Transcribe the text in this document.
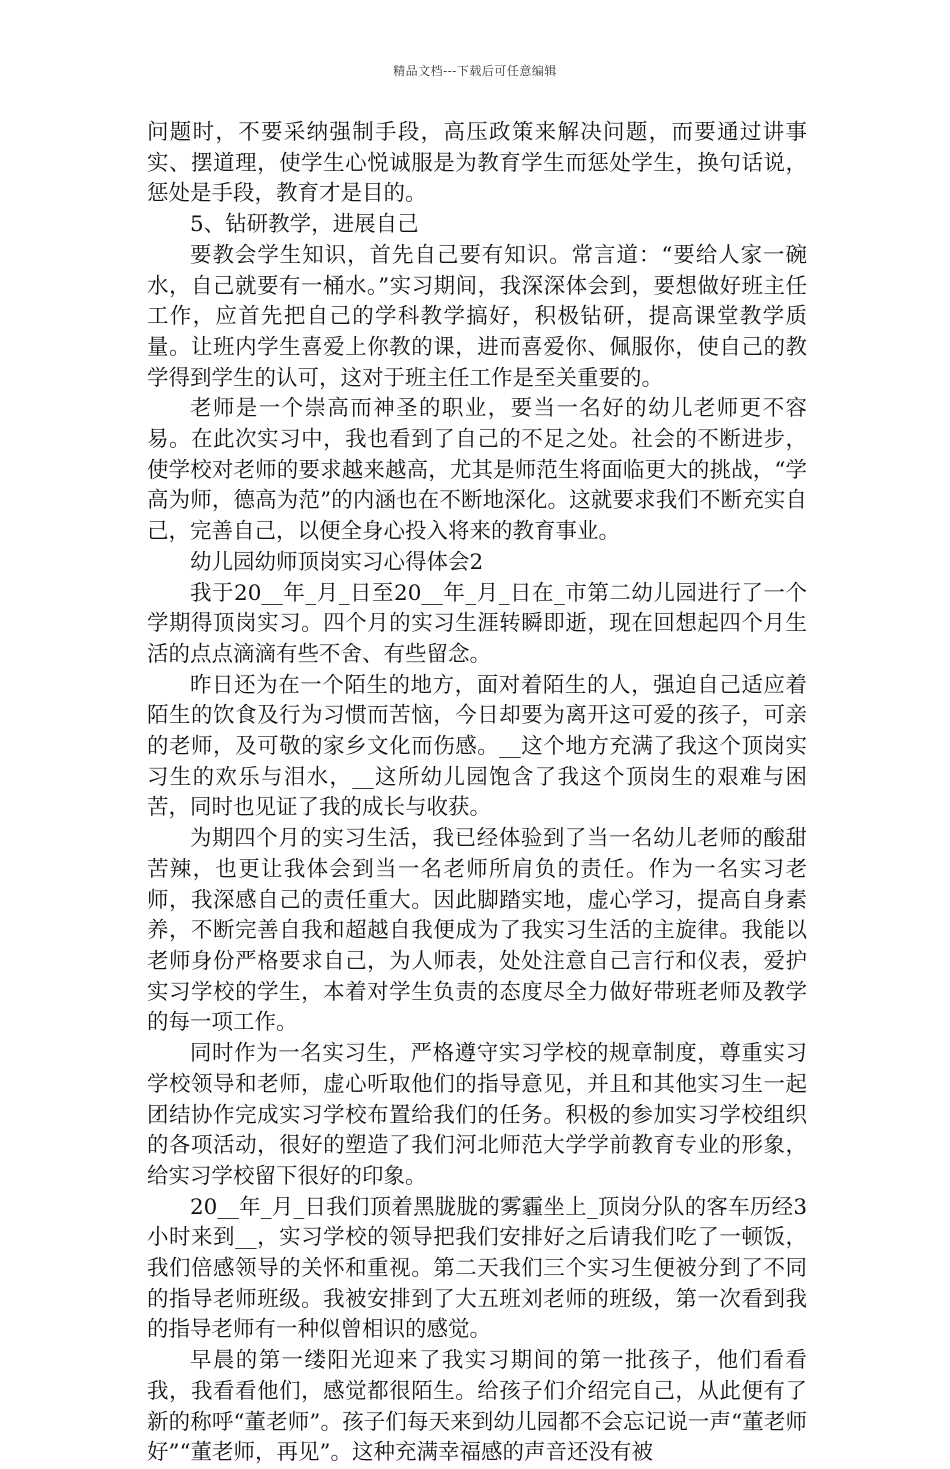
精品文档---下载后可任意编辑

问题时，不要采纳强制手段，高压政策来解决问题，而要通过讲事实、摆道理，使学生心悦诚服是为教育学生而惩处学生，换句话说，惩处是手段，教育才是目的。

5、钻研教学，进展自己

要教会学生知识，首先自己要有知识。常言道：“要给人家一碗水，自己就要有一桶水。”实习期间，我深深体会到，要想做好班主任工作，应首先把自己的学科教学搞好，积极钻研，提高课堂教学质量。让班内学生喜爱上你教的课，进而喜爱你、佩服你，使自己的教学得到学生的认可，这对于班主任工作是至关重要的。

老师是一个崇高而神圣的职业，要当一名好的幼儿老师更不容易。在此次实习中，我也看到了自己的不足之处。社会的不断进步，使学校对老师的要求越来越高，尤其是师范生将面临更大的挑战，“学高为师，德高为范”的内涵也在不断地深化。这就要求我们不断充实自己，完善自己，以便全身心投入将来的教育事业。

幼儿园幼师顶岗实习心得体会2

我于20__年_月_日至20__年_月_日在_市第二幼儿园进行了一个学期得顶岗实习。四个月的实习生涯转瞬即逝，现在回想起四个月生活的点点滴滴有些不舍、有些留念。

昨日还为在一个陌生的地方，面对着陌生的人，强迫自己适应着陌生的饮食及行为习惯而苦恼，今日却要为离开这可爱的孩子，可亲的老师，及可敬的家乡文化而伤感。__这个地方充满了我这个顶岗实习生的欢乐与泪水，__这所幼儿园饱含了我这个顶岗生的艰难与困苦，同时也见证了我的成长与收获。

为期四个月的实习生活，我已经体验到了当一名幼儿老师的酸甜苦辣，也更让我体会到当一名老师所肩负的责任。作为一名实习老师，我深感自己的责任重大。因此脚踏实地，虚心学习，提高自身素养，不断完善自我和超越自我便成为了我实习生活的主旋律。我能以老师身份严格要求自己，为人师表，处处注意自己言行和仪表，爱护实习学校的学生，本着对学生负责的态度尽全力做好带班老师及教学的每一项工作。

同时作为一名实习生，严格遵守实习学校的规章制度，尊重实习学校领导和老师，虚心听取他们的指导意见，并且和其他实习生一起团结协作完成实习学校布置给我们的任务。积极的参加实习学校组织的各项活动，很好的塑造了我们河北师范大学学前教育专业的形象，给实习学校留下很好的印象。

20__年_月_日我们顶着黑胧胧的雾霾坐上_顶岗分队的客车历经3小时来到__，实习学校的领导把我们安排好之后请我们吃了一顿饭，我们倍感领导的关怀和重视。第二天我们三个实习生便被分到了不同的指导老师班级。我被安排到了大五班刘老师的班级，第一次看到我的指导老师有一种似曾相识的感觉。

早晨的第一缕阳光迎来了我实习期间的第一批孩子，他们看看我，我看看他们，感觉都很陌生。给孩子们介绍完自己，从此便有了新的称呼“董老师”。孩子们每天来到幼儿园都不会忘记说一声“董老师好”“董老师，再见”。这种充满幸福感的声音还没有被
